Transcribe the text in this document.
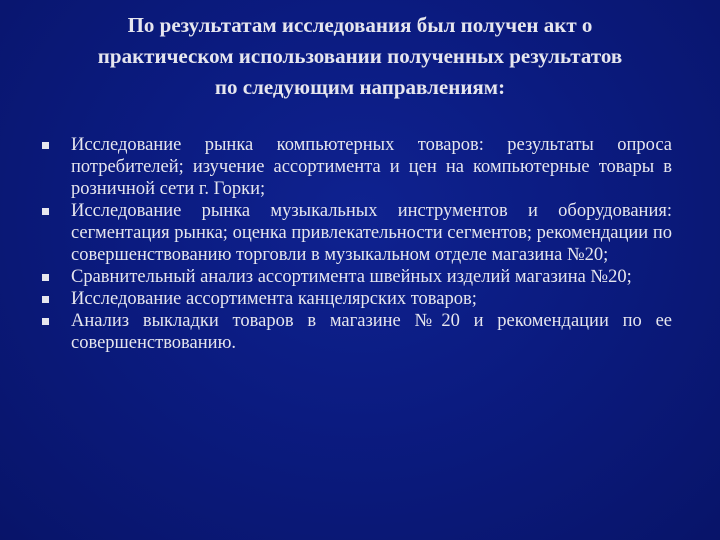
По результатам исследования был получен акт о
практическом использовании полученных результатов
по следующим направлениям:
Исследование рынка компьютерных товаров: результаты опроса потребителей; изучение ассортимента и цен на компьютерные товары в розничной сети г. Горки;
Исследование рынка музыкальных инструментов и оборудования: сегментация рынка; оценка привлекательности сегментов; рекомендации по совершенствованию торговли в музыкальном отделе магазина №20;
Сравнительный анализ ассортимента швейных изделий магазина №20;
Исследование ассортимента канцелярских товаров;
Анализ выкладки товаров в магазине №20 и рекомендации по ее совершенствованию.
